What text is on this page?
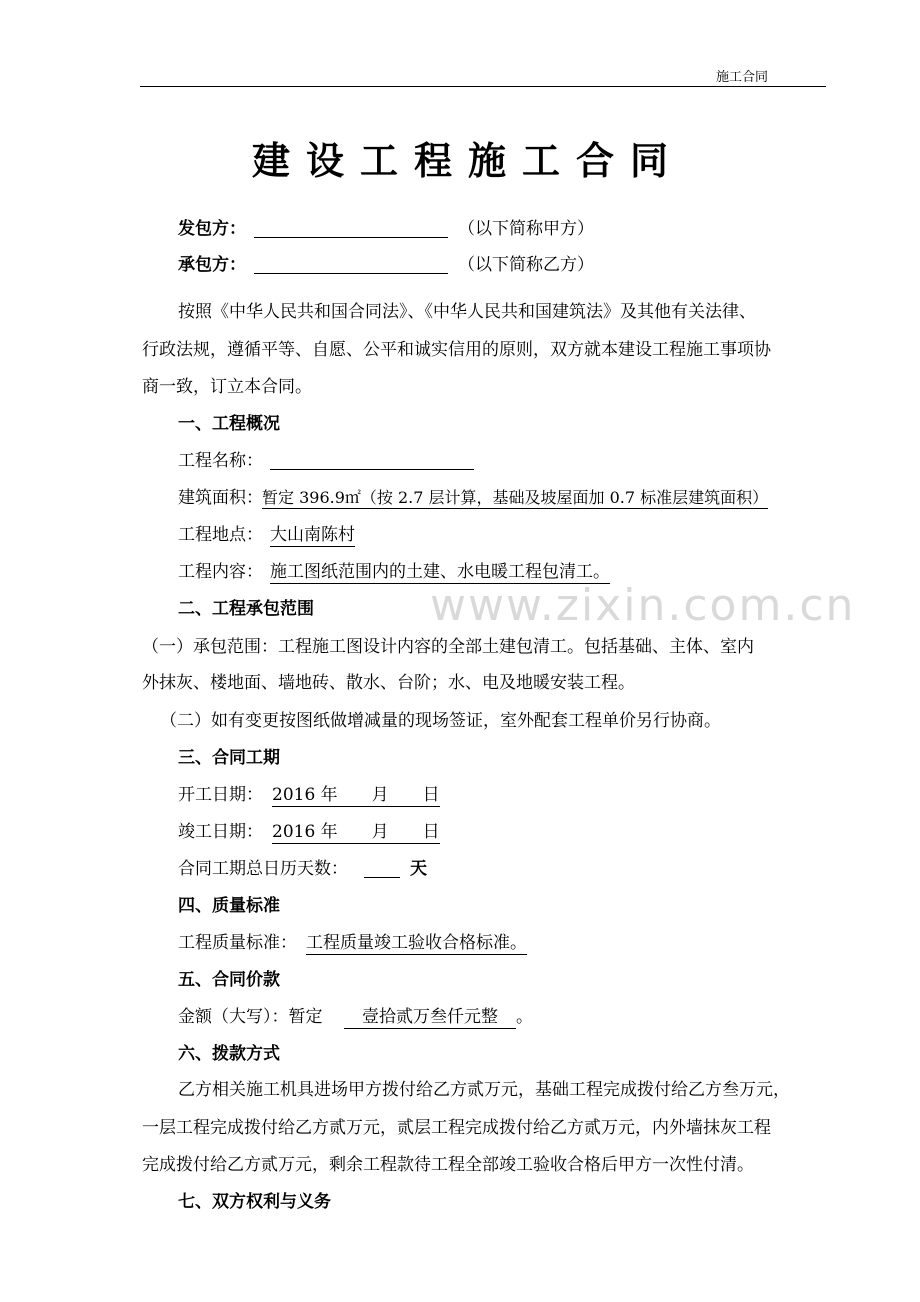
施工合同
建设工程施工合同
发包方：	（以下简称甲方）
承包方：	（以下简称乙方）
按照《中华人民共和国合同法》、《中华人民共和国建筑法》及其他有关法律、
行政法规，遵循平等、自愿、公平和诚实信用的原则，双方就本建设工程施工事项协
商一致，订立本合同。
一、工程概况
工程名称：
建筑面积： 暂定 396.9㎡（按 2.7 层计算，基础及坡屋面加 0.7 标准层建筑面积）
工程地点： 大山南陈村
工程内容： 施工图纸范围内的土建、水电暖工程包清工。
二、工程承包范围
（一）承包范围：工程施工图设计内容的全部土建包清工。包括基础、主体、室内
外抹灰、楼地面、墙地砖、散水、台阶；水、电及地暖安装工程。
（二）如有变更按图纸做增减量的现场签证，室外配套工程单价另行协商。
三、合同工期
开工日期： 2016 年　　月　　日
竣工日期： 2016 年　　月　　日
合同工期总日历天数：	天
四、质量标准
工程质量标准： 工程质量竣工验收合格标准。
五、合同价款
金额（大写）：暂定	壹拾贰万叁仟元整 。
六、拨款方式
乙方相关施工机具进场甲方拨付给乙方贰万元，基础工程完成拨付给乙方叁万元，
一层工程完成拨付给乙方贰万元，贰层工程完成拨付给乙方贰万元，内外墙抹灰工程
完成拨付给乙方贰万元，剩余工程款待工程全部竣工验收合格后甲方一次性付清。
七、双方权利与义务
www.zixin.com.cn
